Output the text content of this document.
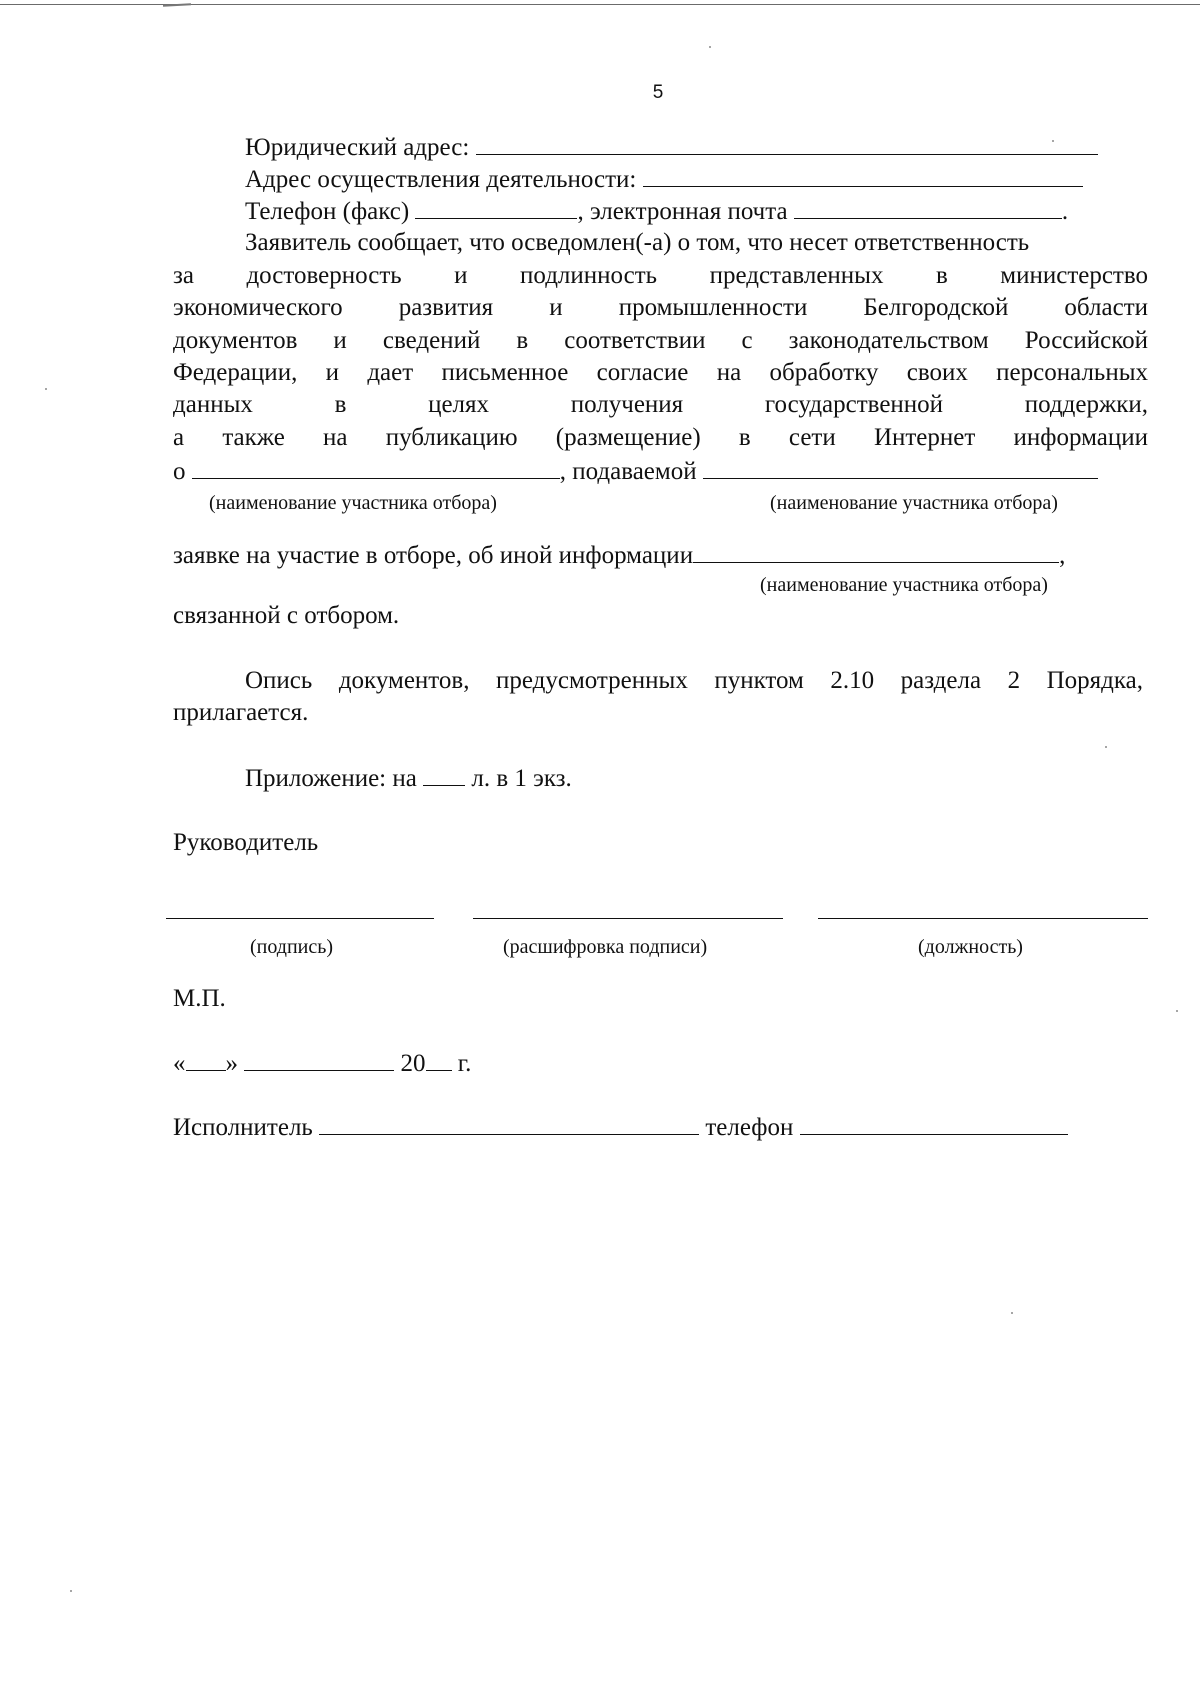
5
Юридический адрес:
Адрес осуществления деятельности:
Телефон (факс)	, электронная почта	.
Заявитель сообщает, что осведомлен(-а) о том, что несет ответственность
за достоверность и подлинность представленных в министерство
экономического развития и промышленности Белгородской области
документов и сведений в соответствии с законодательством Российской
Федерации, и дает письменное согласие на обработку своих персональных
данных в целях получения государственной поддержки,
а также на публикацию (размещение) в сети Интернет информации
о	, подаваемой
(наименование участника отбора)	(наименование участника отбора)
заявке на участие в отборе, об иной информации	,
(наименование участника отбора)
связанной с отбором.
Опись документов, предусмотренных пунктом 2.10 раздела 2 Порядка,
прилагается.
Приложение: на л. в 1 экз.
Руководитель
(подпись)	(расшифровка подписи)	(должность)
М.П.
« »	20 г.
Исполнитель	телефон
